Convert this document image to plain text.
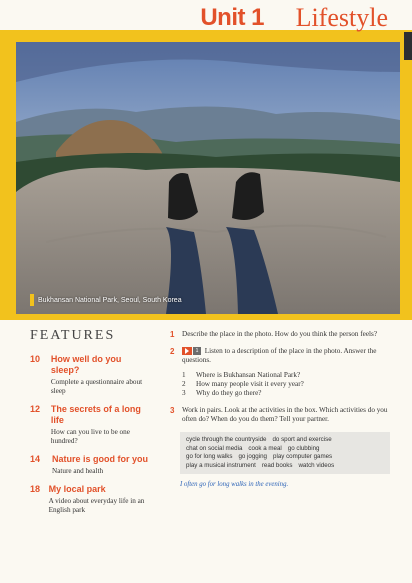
Unit 1 Lifestyle
Bukhansan National Park, Seoul, South Korea
FEATURES
10	How well do you sleep?
Complete a questionnaire about sleep
12	The secrets of a long life
How can you live to be one hundred?
14	Nature is good for you
Nature and health
18 My local park
A video about everyday life in an English park
1 Describe the place in the photo. How do you think the person feels?
2	1 Listen to a description of the place in the photo. Answer the questions.
1	Where is Bukhansan National Park?
2	How many people visit it every year?
3	Why do they go there?
3 Work in pairs. Look at the activities in the box. Which activities do you often do? When do you do them? Tell your partner.
cycle through the countryside do sport and exercise
chat on social media cook a meal go clubbing
go for long walks go jogging play computer games
play a musical instrument read books watch videos
I often go for long walks in the evening.
